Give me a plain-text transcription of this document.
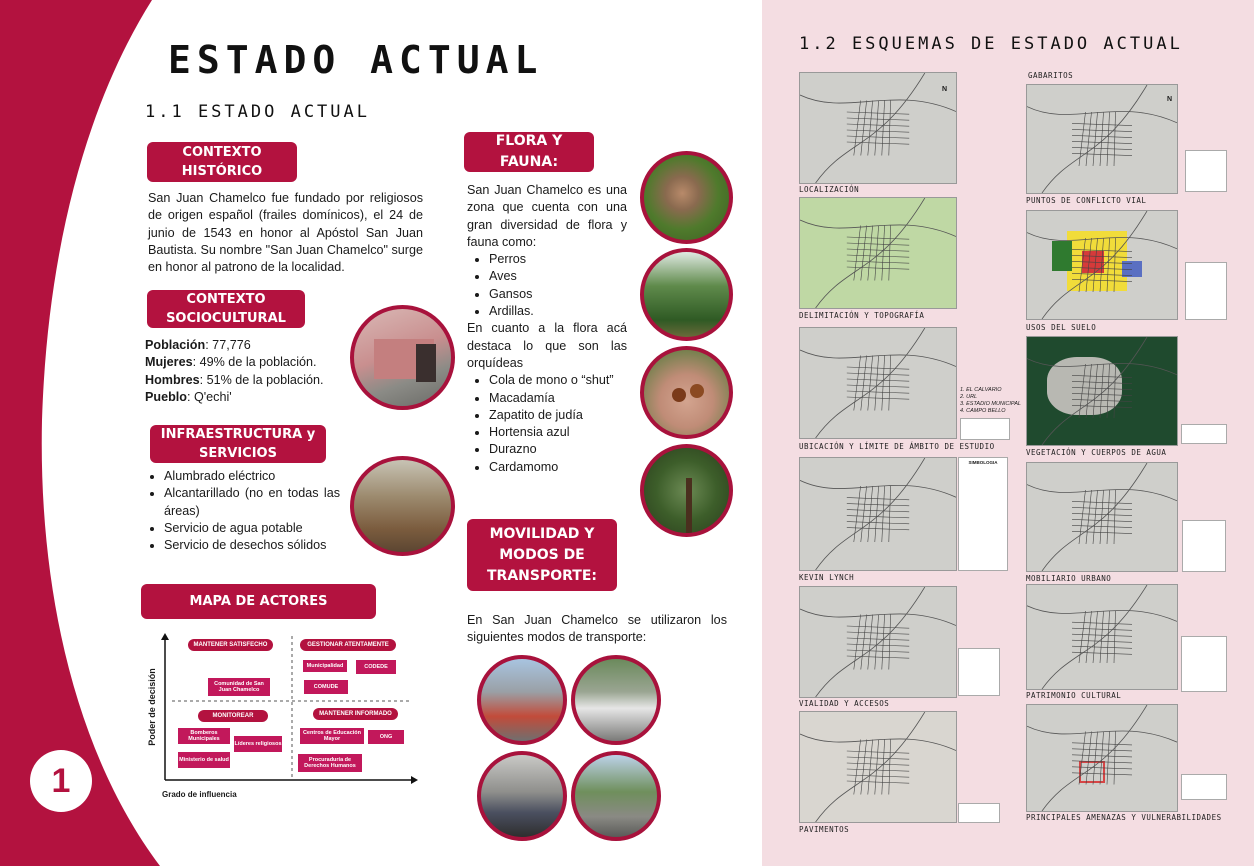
1
ESTADO ACTUAL
1.1 ESTADO ACTUAL
CONTEXTO HISTÓRICO
San Juan Chamelco fue fundado por religiosos de origen español (frailes domínicos), el 24 de junio de 1543 en honor al Apóstol San Juan Bautista. Su nombre "San Juan Chamelco" surge en honor al patrono de la localidad.
CONTEXTO SOCIOCULTURAL
Población: 77,776
Mujeres: 49% de la población.
Hombres: 51% de la población.
Pueblo: Q'echi'
INFRAESTRUCTURA y SERVICIOS
• Alumbrado eléctrico
• Alcantarillado (no en todas las áreas)
• Servicio de agua potable
• Servicio de desechos sólidos
MAPA DE ACTORES
Poder de decisión
Grado de influencia
MANTENER SATISFECHO	GESTIONAR ATENTAMENTE
MONITOREAR	MANTENER INFORMADO
Comunidad de San Juan Chamelco
Municipalidad	CODEDE
COMUDE
Bomberos Municipales
Líderes religiosos
Ministerio de salud
Centros de Educación Mayor	ONG
Procuraduría de Derechos Humanos
FLORA Y FAUNA:
San Juan Chamelco es una zona que cuenta con una gran diversidad de flora y fauna como:
• Perros
• Aves
• Gansos
• Ardillas.
En cuanto a la flora acá destaca lo que son las orquídeas
• Cola de mono o “shut”
• Macadamía
• Zapatito de judía
• Hortensia azul
• Durazno
• Cardamomo
MOVILIDAD Y MODOS DE TRANSPORTE:
En San Juan Chamelco se utilizaron los siguientes modos de transporte:
1.2 ESQUEMAS DE ESTADO ACTUAL
LOCALIZACIÓN
DELIMITACIÓN Y TOPOGRAFÍA
1. EL CALVARIO
2. URL
3. ESTADIO MUNICIPAL
4. CAMPO BELLO
UBICACIÓN Y LÍMITE DE ÁMBITO DE ESTUDIO
SIMBOLOGIA
KEVIN LYNCH
VIALIDAD Y ACCESOS
PAVIMENTOS
GABARITOS
PUNTOS DE CONFLICTO VIAL
USOS DEL SUELO
VEGETACIÓN Y CUERPOS DE AGUA
MOBILIARIO URBANO
PATRIMONIO CULTURAL
PRINCIPALES AMENAZAS Y VULNERABILIDADES
N
N
